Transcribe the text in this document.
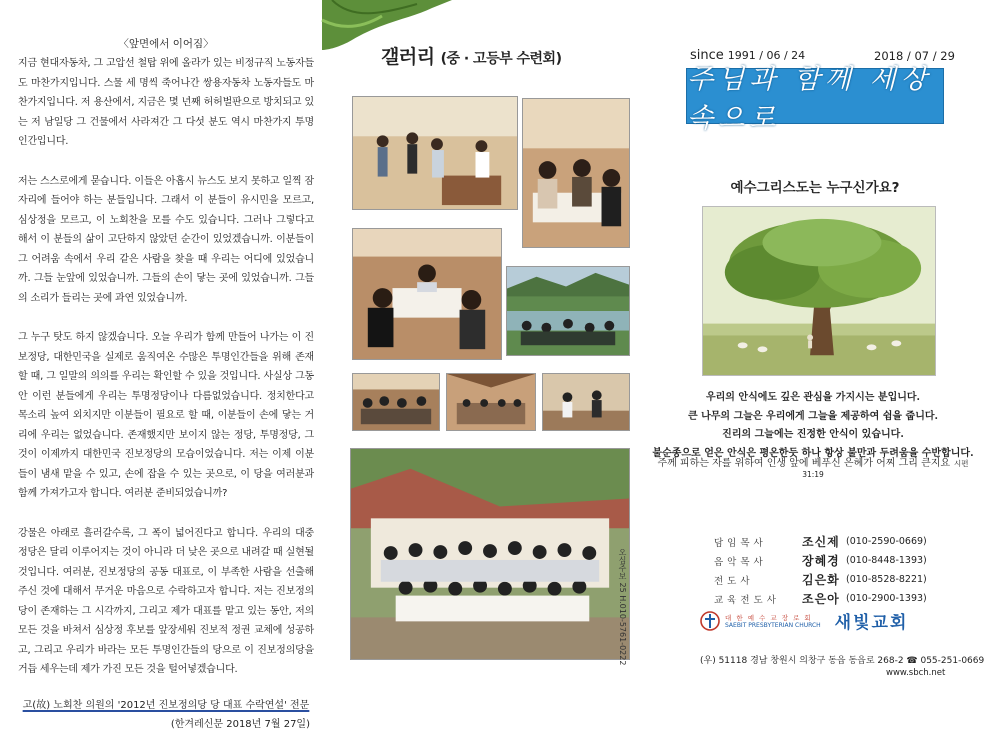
〈앞면에서 이어짐〉

지금 현대자동차, 그 고압선 철탑 위에 올라가 있는 비정규직 노동자들도 마찬가지입니다. 스물 세 명씩 죽어나간 쌍용자동차 노동자들도 마찬가지입니다. 저 용산에서, 지금은 몇 년째 허허벌판으로 방치되고 있는 저 남일당 그 건물에서 사라져간 그 다섯 분도 역시 마찬가지 투명인간입니다.

저는 스스로에게 묻습니다. 이들은 아홉시 뉴스도 보지 못하고 일찍 잠자리에 들어야 하는 분들입니다. 그래서 이 분들이 유시민을 모르고, 심상정을 모르고, 이 노회찬을 모를 수도 있습니다. 그러나 그렇다고 해서 이 분들의 삶이 고단하지 않았던 순간이 있었겠습니까. 이분들이 그 어려움 속에서 우리 같은 사람을 찾을 때 우리는 어디에 있었습니까. 그들 눈앞에 있었습니까. 그들의 손이 닿는 곳에 있었습니까. 그들의 소리가 들리는 곳에 과연 있었습니까.

그 누구 탓도 하지 않겠습니다. 오늘 우리가 함께 만들어 나가는 이 진보정당, 대한민국을 실제로 움직여온 수많은 투명인간들을 위해 존재할 때, 그 일말의 의의를 우리는 확인할 수 있을 것입니다. 사실상 그동안 이런 분들에게 우리는 투명정당이나 다름없었습니다. 정치한다고 목소리 높여 외치지만 이분들이 필요로 할 때, 이분들이 손에 닿는 거리에 우리는 없었습니다. 존재했지만 보이지 않는 정당, 투명정당, 그것이 이제까지 대한민국 진보정당의 모습이었습니다. 저는 이제 이분들이 냄새 맡을 수 있고, 손에 잡을 수 있는 곳으로, 이 당을 여러분과 함께 가져가고자 합니다. 여러분 준비되었습니까?

강물은 아래로 흘러갈수록, 그 폭이 넓어진다고 합니다. 우리의 대중 정당은 달리 이루어지는 것이 아니라 더 낮은 곳으로 내려갈 때 실현될 것입니다. 여러분, 진보정당의 공동 대표로, 이 부족한 사람을 선출해주신 것에 대해서 무거운 마음으로 수락하고자 합니다. 저는 진보정의당이 존재하는 그 시각까지, 그리고 제가 대표를 맡고 있는 동안, 저의 모든 것을 바쳐서 심상정 후보를 앞장세워 진보적 정권 교체에 성공하고, 그리고 우리가 바라는 모든 투명인간들의 당으로 이 진보정의당을 거듭 세우는데 제가 가진 모든 것을 털어넣겠습니다.

고(故) 노회찬 의원의 '2012년 진보정의당 당 대표 수락연설' 전문
(한겨레신문 2018년 7월 27일)
갤러리 (중 · 고등부 수련회)
오심주보 25 H.010-5761-0222
since 1991 / 06 / 24	2018 / 07 / 29
주님과 함께 세상 속으로
예수그리스도는 누구신가요?
우리의 안식에도 깊은 관심을 가지시는 분입니다.
큰 나무의 그늘은 우리에게 그늘을 제공하여 쉼을 줍니다.
진리의 그늘에는 진정한 안식이 있습니다.
불순종으로 얻은 안식은 평온한듯 하나 항상 불만과 두려움을 수반합니다.
주께 피하는 자를 위하여 인생 앞에 베푸신 은혜가 어찌 그리 큰지요 시편 31:19
담임목사	조신제 (010-2590-0669)
음악목사	장혜경 (010-8448-1393)
전도사	김은화 (010-8528-8221)
교육전도사	조은아 (010-2900-1393)
대 한 예 수 교 장 로 회
SAEBIT PRESBYTERIAN CHURCH 새빛교회
(우) 51118 경남 창원시 의창구 동읍 동읍로 268-2 ☎ 055-251-0669
www.sbch.net
